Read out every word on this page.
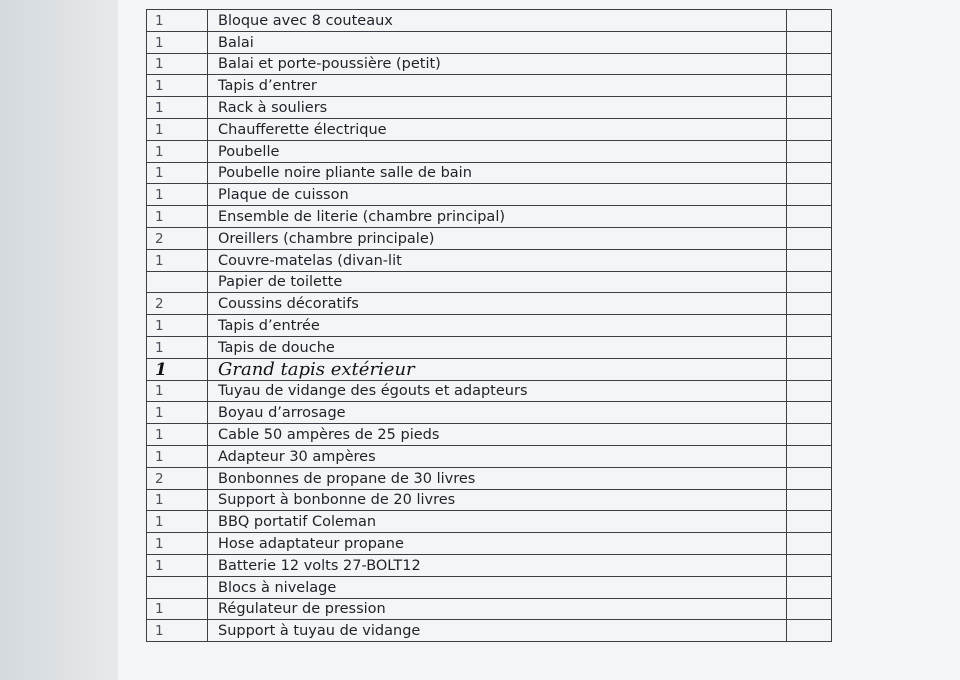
1	Bloque avec 8 couteaux	
1	Balai	
1	Balai et porte-poussière (petit)	
1	Tapis d’entrer	
1	Rack à souliers	
1	Chaufferette électrique	
1	Poubelle	
1	Poubelle noire pliante salle de bain	
1	Plaque de cuisson	
1	Ensemble de literie (chambre principal)	
2	Oreillers (chambre principale)	
1	Couvre-matelas (divan-lit	
	Papier de toilette	
2	Coussins décoratifs	
1	Tapis d’entrée	
1	Tapis de douche	
1	Grand tapis extérieur	
1	Tuyau de vidange des égouts et adapteurs	
1	Boyau d’arrosage	
1	Cable 50 ampères de 25 pieds	
1	Adapteur 30 ampères	
2	Bonbonnes de propane de 30 livres	
1	Support à bonbonne de 20 livres	
1	BBQ portatif Coleman	
1	Hose adaptateur propane	
1	Batterie 12 volts 27-BOLT12	
	Blocs à nivelage	
1	Régulateur de pression	
1	Support à tuyau de vidange	
